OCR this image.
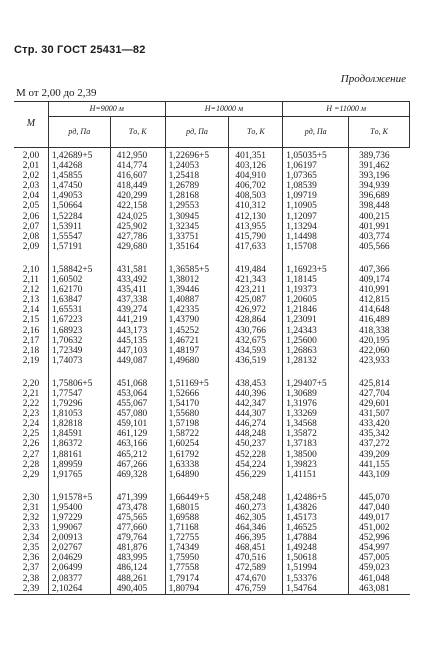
Стр. 30 ГОСТ 25431—82
Продолжение
M от 2,00 до 2,39
M	H=9000 м		H=10000 м		H =11000 м	
	pд, Па	Tо, К	pд, Па	Tо, К	pд, Па	Tо, К
2,00	1,42689+5	412,950	1,22696+5	401,351	1,05035+5	389,736
2,01	1,44268	414,774	1,24053	403,126	1,06197	391,462
2,02	1,45855	416,607	1,25418	404,910	1,07365	393,196
2,03	1,47450	418,449	1,26789	406,702	1,08539	394,939
2,04	1,49053	420,299	1,28168	408,503	1,09719	396,689
2,05	1,50664	422,158	1,29553	410,312	1,10905	398,448
2,06	1,52284	424,025	1,30945	412,130	1,12097	400,215
2,07	1,53911	425,902	1,32345	413,955	1,13294	401,991
2,08	1,55547	427,786	1,33751	415,790	1,14498	403,774
2,09	1,57191	429,680	1,35164	417,633	1,15708	405,566

2,10	1,58842+5	431,581	1,36585+5	419,484	1,16923+5	407,366
2,11	1,60502	433,492	1,38012	421,343	1,18145	409,174
2,12	1,62170	435,411	1,39446	423,211	1,19373	410,991
2,13	1,63847	437,338	1,40887	425,087	1,20605	412,815
2,14	1,65531	439,274	1,42335	426,972	1,21846	414,648
2,15	1,67223	441,219	1,43790	428,864	1,23091	416,489
2,16	1,68923	443,173	1,45252	430,766	1,24343	418,338
2,17	1,70632	445,135	1,46721	432,675	1,25600	420,195
2,18	1,72349	447,103	1,48197	434,593	1,26863	422,060
2,19	1,74073	449,087	1,49680	436,519	1,28132	423,933

2,20	1,75806+5	451,068	1,51169+5	438,453	1,29407+5	425,814
2,21	1,77547	453,064	1,52666	440,396	1,30689	427,704
2,22	1,79296	455,067	1,54170	442,347	1,31976	429,601
2,23	1,81053	457,080	1,55680	444,307	1,33269	431,507
2,24	1,82818	459,101	1,57198	446,274	1,34568	433,420
2,25	1,84591	461,129	1,58722	448,248	1,35872	435,342
2,26	1,86372	463,166	1,60254	450,237	1,37183	437,272
2,27	1,88161	465,212	1,61792	452,228	1,38500	439,209
2,28	1,89959	467,266	1,63338	454,224	1,39823	441,155
2,29	1,91765	469,328	1,64890	456,229	1,41151	443,109

2,30	1,91578+5	471,399	1,66449+5	458,248	1,42486+5	445,070
2,31	1,95400	473,478	1,68015	460,273	1,43826	447,040
2,32	1,97229	475,565	1,69588	462,305	1,45173	449,017
2,33	1,99067	477,660	1,71168	464,346	1,46525	451,002
2,34	2,00913	479,764	1,72755	466,395	1,47884	452,996
2,35	2,02767	481,876	1,74349	468,451	1,49248	454,997
2,36	2,04629	483,995	1,75950	470,516	1,50618	457,005
2,37	2,06499	486,124	1,77558	472,589	1,51994	459,023
2,38	2,08377	488,261	1,79174	474,670	1,53376	461,048
2,39	2,10264	490,405	1,80794	476,759	1,54764	463,081
